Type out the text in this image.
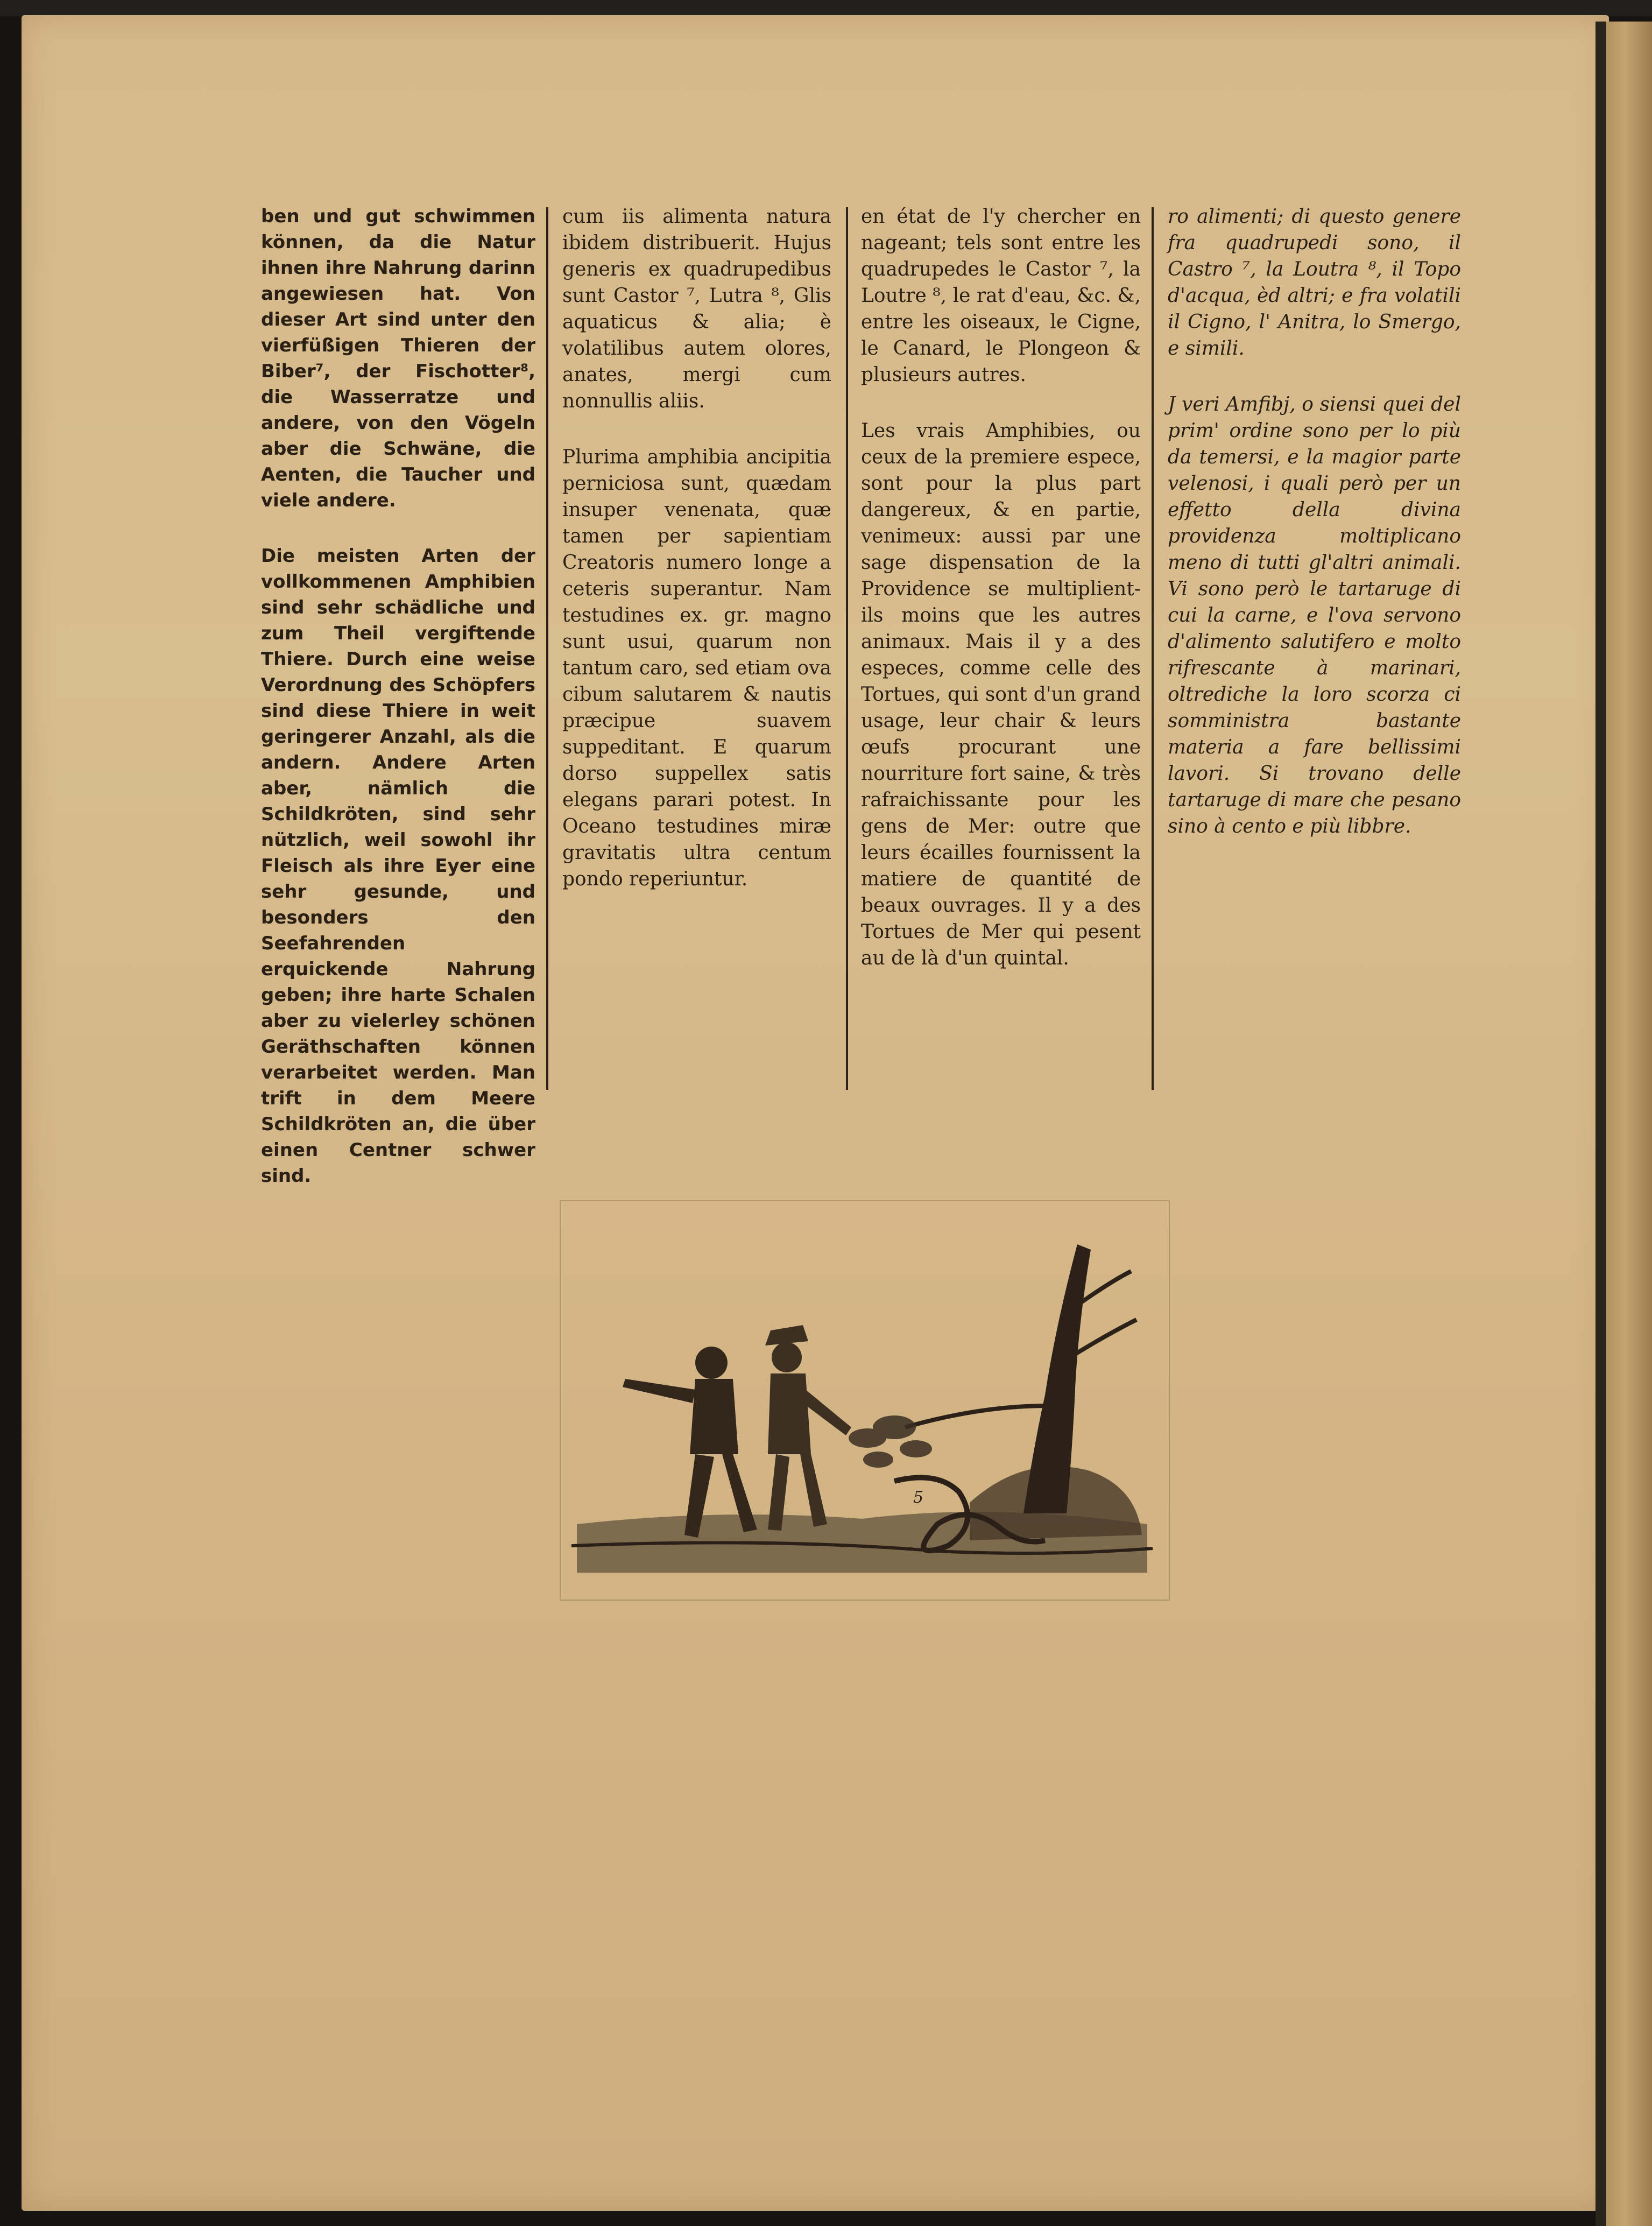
ben und gut schwimmen können, da die Natur ihnen ihre Nahrung darinn angewiesen hat. Von dieser Art sind unter den vierfüßigen Thieren der Biber⁷, der Fischotter⁸, die Wasserratze und andere, von den Vögeln aber die Schwäne, die Aenten, die Taucher und viele andere.

Die meisten Arten der vollkommenen Amphibien sind sehr schädliche und zum Theil vergiftende Thiere. Durch eine weise Verordnung des Schöpfers sind diese Thiere in weit geringerer Anzahl, als die andern. Andere Arten aber, nämlich die Schildkröten, sind sehr nützlich, weil sowohl ihr Fleisch als ihre Eyer eine sehr gesunde, und besonders den Seefahrenden erquickende Nahrung geben; ihre harte Schalen aber zu vielerley schönen Geräthschaften können verarbeitet werden. Man trift in dem Meere Schildkröten an, die über einen Centner schwer sind.

cum iis alimenta natura ibidem distribuerit. Hujus generis ex quadrupedibus sunt Castor ⁷, Lutra ⁸, Glis aquaticus & alia; è volatilibus autem olores, anates, mergi cum nonnullis aliis.

Plurima amphibia ancipitia perniciosa sunt, quædam insuper venenata, quæ tamen per sapientiam Creatoris numero longe a ceteris superantur. Nam testudines ex. gr. magno sunt usui, quarum non tantum caro, sed etiam ova cibum salutarem & nautis præcipue suavem suppeditant. E quarum dorso suppellex satis elegans parari potest. In Oceano testudines miræ gravitatis ultra centum pondo reperiuntur.

en état de l'y chercher en nageant; tels sont entre les quadrupedes le Castor ⁷, la Loutre ⁸, le rat d'eau, &c. &, entre les oiseaux, le Cigne, le Canard, le Plongeon & plusieurs autres.

Les vrais Amphibies, ou ceux de la premiere espece, sont pour la plus part dangereux, & en partie, venimeux: aussi par une sage dispensation de la Providence se multiplient-ils moins que les autres animaux. Mais il y a des especes, comme celle des Tortues, qui sont d'un grand usage, leur chair & leurs œufs procurant une nourriture fort saine, & très rafraichissante pour les gens de Mer: outre que leurs écailles fournissent la matiere de quantité de beaux ouvrages. Il y a des Tortues de Mer qui pesent au de là d'un quintal.

ro alimenti; di questo genere fra quadrupedi sono, il Castro ⁷, la Loutra ⁸, il Topo d'acqua, èd altri; e fra volatili il Cigno, l' Anitra, lo Smergo, e simili.

J veri Amfibj, o siensi quei del prim' ordine sono per lo più da temersi, e la magior parte velenosi, i quali però per un effetto della divina providenza moltiplicano meno di tutti gl'altri animali. Vi sono però le tartaruge di cui la carne, e l'ova servono d'alimento salutifero e molto rifrescante à marinari, oltrediche la loro scorza ci somministra bastante materia a fare bellissimi lavori. Si trovano delle tartaruge di mare che pesano sino à cento e più libbre.

5
